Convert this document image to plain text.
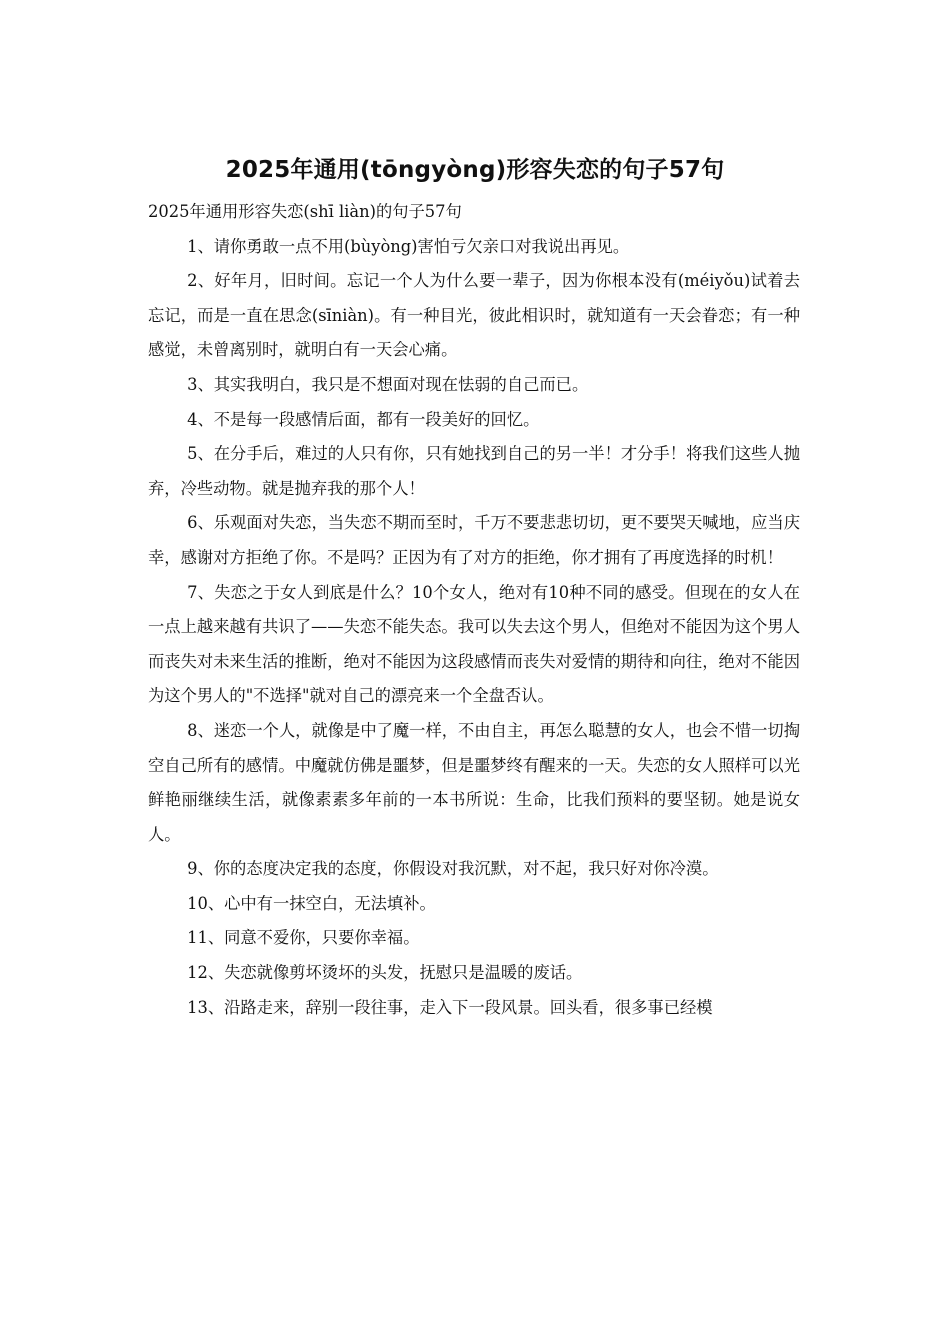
2025年通用(tōngyòng)形容失恋的句子57句

2025年通用形容失恋(shī liàn)的句子57句

1、请你勇敢一点不用(bùyòng)害怕亏欠亲口对我说出再见。

2、好年月，旧时间。忘记一个人为什么要一辈子，因为你根本没有(méiyǒu)试着去忘记，而是一直在思念(sīniàn)。有一种目光，彼此相识时，就知道有一天会眷恋；有一种感觉，未曾离别时，就明白有一天会心痛。

3、其实我明白，我只是不想面对现在怯弱的自己而已。

4、不是每一段感情后面，都有一段美好的回忆。

5、在分手后，难过的人只有你，只有她找到自己的另一半！才分手！将我们这些人抛弃，冷些动物。就是抛弃我的那个人！

6、乐观面对失恋，当失恋不期而至时，千万不要悲悲切切，更不要哭天喊地，应当庆幸，感谢对方拒绝了你。不是吗？正因为有了对方的拒绝，你才拥有了再度选择的时机！

7、失恋之于女人到底是什么？10个女人，绝对有10种不同的感受。但现在的女人在一点上越来越有共识了——失恋不能失态。我可以失去这个男人，但绝对不能因为这个男人而丧失对未来生活的推断，绝对不能因为这段感情而丧失对爱情的期待和向往，绝对不能因为这个男人的"不选择"就对自己的漂亮来一个全盘否认。

8、迷恋一个人，就像是中了魔一样，不由自主，再怎么聪慧的女人，也会不惜一切掏空自己所有的感情。中魔就仿佛是噩梦，但是噩梦终有醒来的一天。失恋的女人照样可以光鲜艳丽继续生活，就像素素多年前的一本书所说：生命，比我们预料的要坚韧。她是说女人。

9、你的态度决定我的态度，你假设对我沉默，对不起，我只好对你冷漠。

10、心中有一抹空白，无法填补。

11、同意不爱你，只要你幸福。

12、失恋就像剪坏烫坏的头发，抚慰只是温暖的废话。

13、沿路走来，辞别一段往事，走入下一段风景。回头看，很多事已经模
